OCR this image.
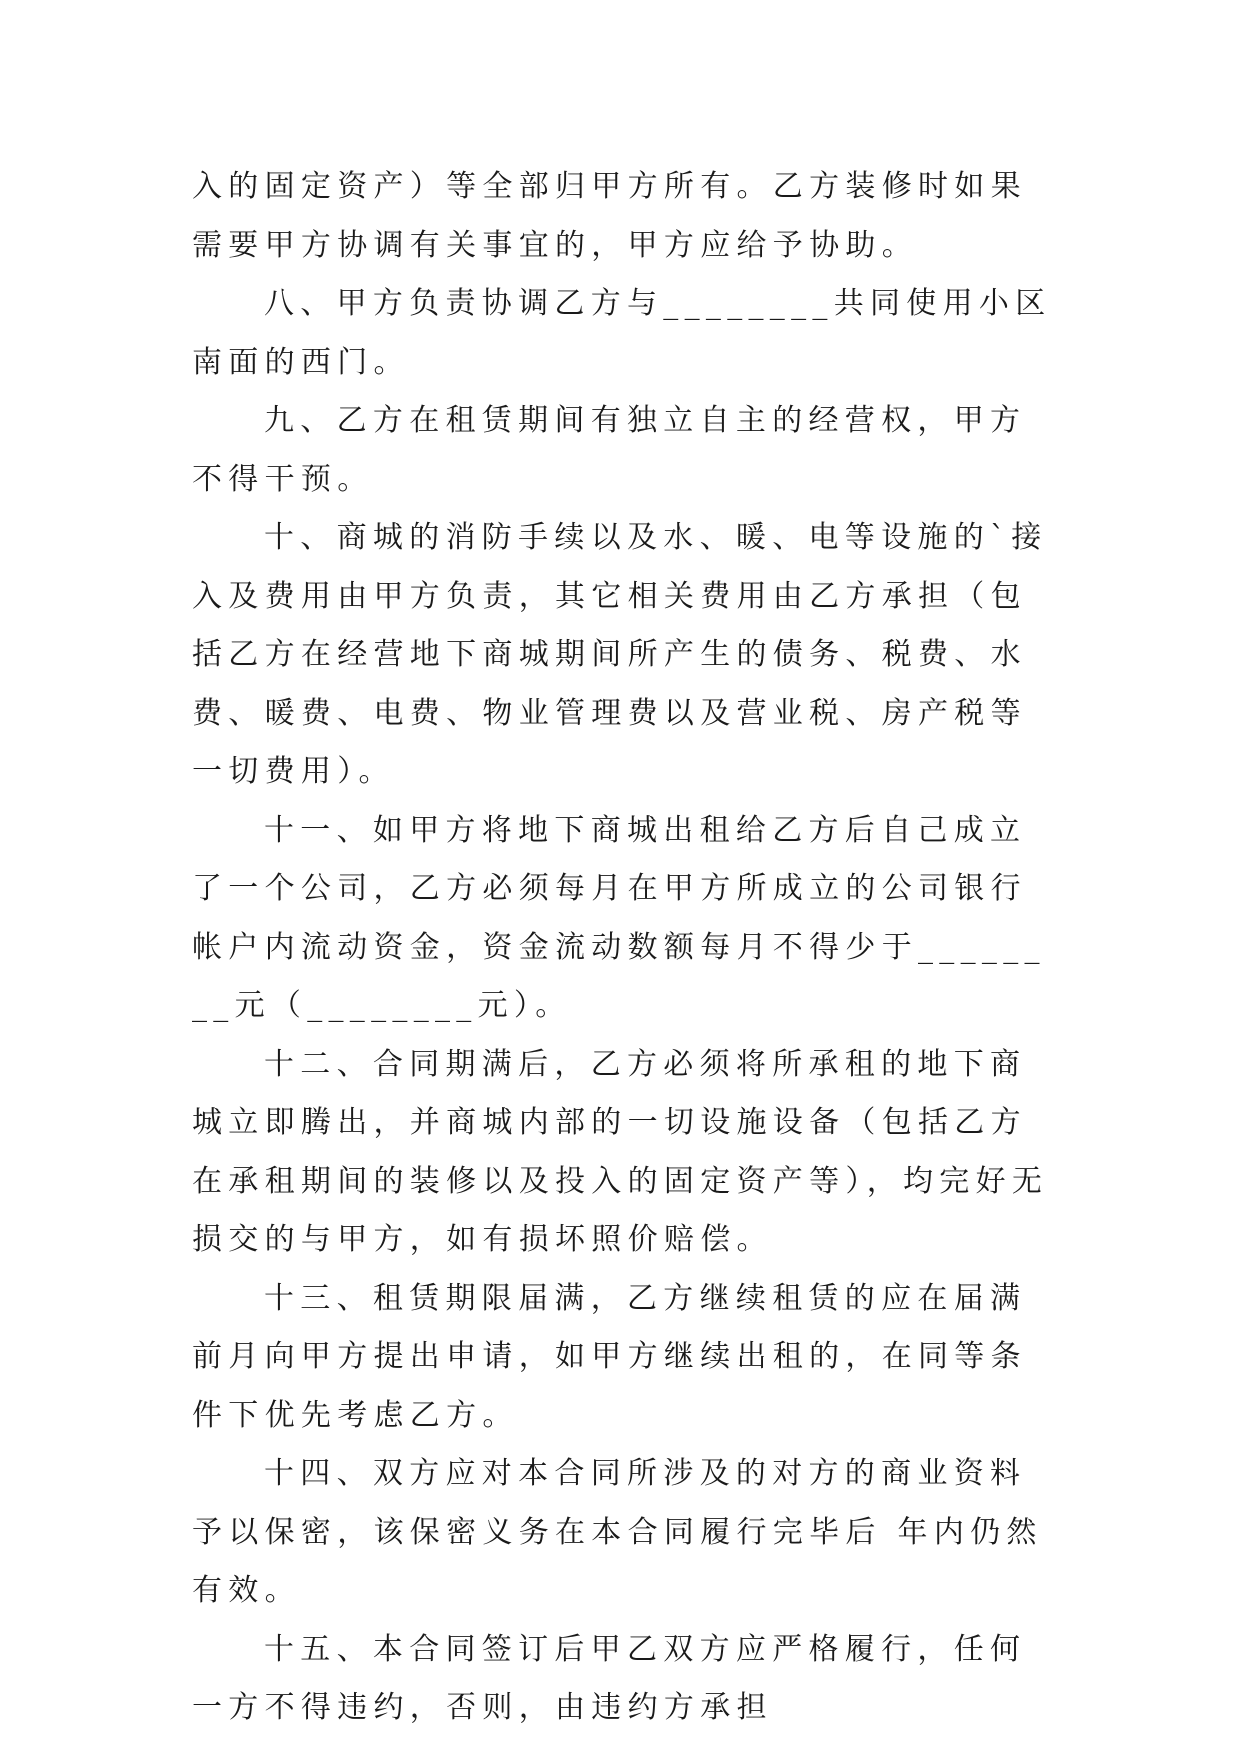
入的固定资产）等全部归甲方所有。乙方装修时如果需要甲方协调有关事宜的，甲方应给予协助。

八、甲方负责协调乙方与________共同使用小区南面的西门。

九、乙方在租赁期间有独立自主的经营权，甲方不得干预。

十、商城的消防手续以及水、暖、电等设施的`接入及费用由甲方负责，其它相关费用由乙方承担（包括乙方在经营地下商城期间所产生的债务、税费、水费、暖费、电费、物业管理费以及营业税、房产税等一切费用）。

十一、如甲方将地下商城出租给乙方后自己成立了一个公司，乙方必须每月在甲方所成立的公司银行帐户内流动资金，资金流动数额每月不得少于________元（________元）。

十二、合同期满后，乙方必须将所承租的地下商城立即腾出，并商城内部的一切设施设备（包括乙方在承租期间的装修以及投入的固定资产等），均完好无损交的与甲方，如有损坏照价赔偿。

十三、租赁期限届满，乙方继续租赁的应在届满前月向甲方提出申请，如甲方继续出租的，在同等条件下优先考虑乙方。

十四、双方应对本合同所涉及的对方的商业资料予以保密，该保密义务在本合同履行完毕后 年内仍然有效。

十五、本合同签订后甲乙双方应严格履行，任何一方不得违约，否则，由违约方承担
